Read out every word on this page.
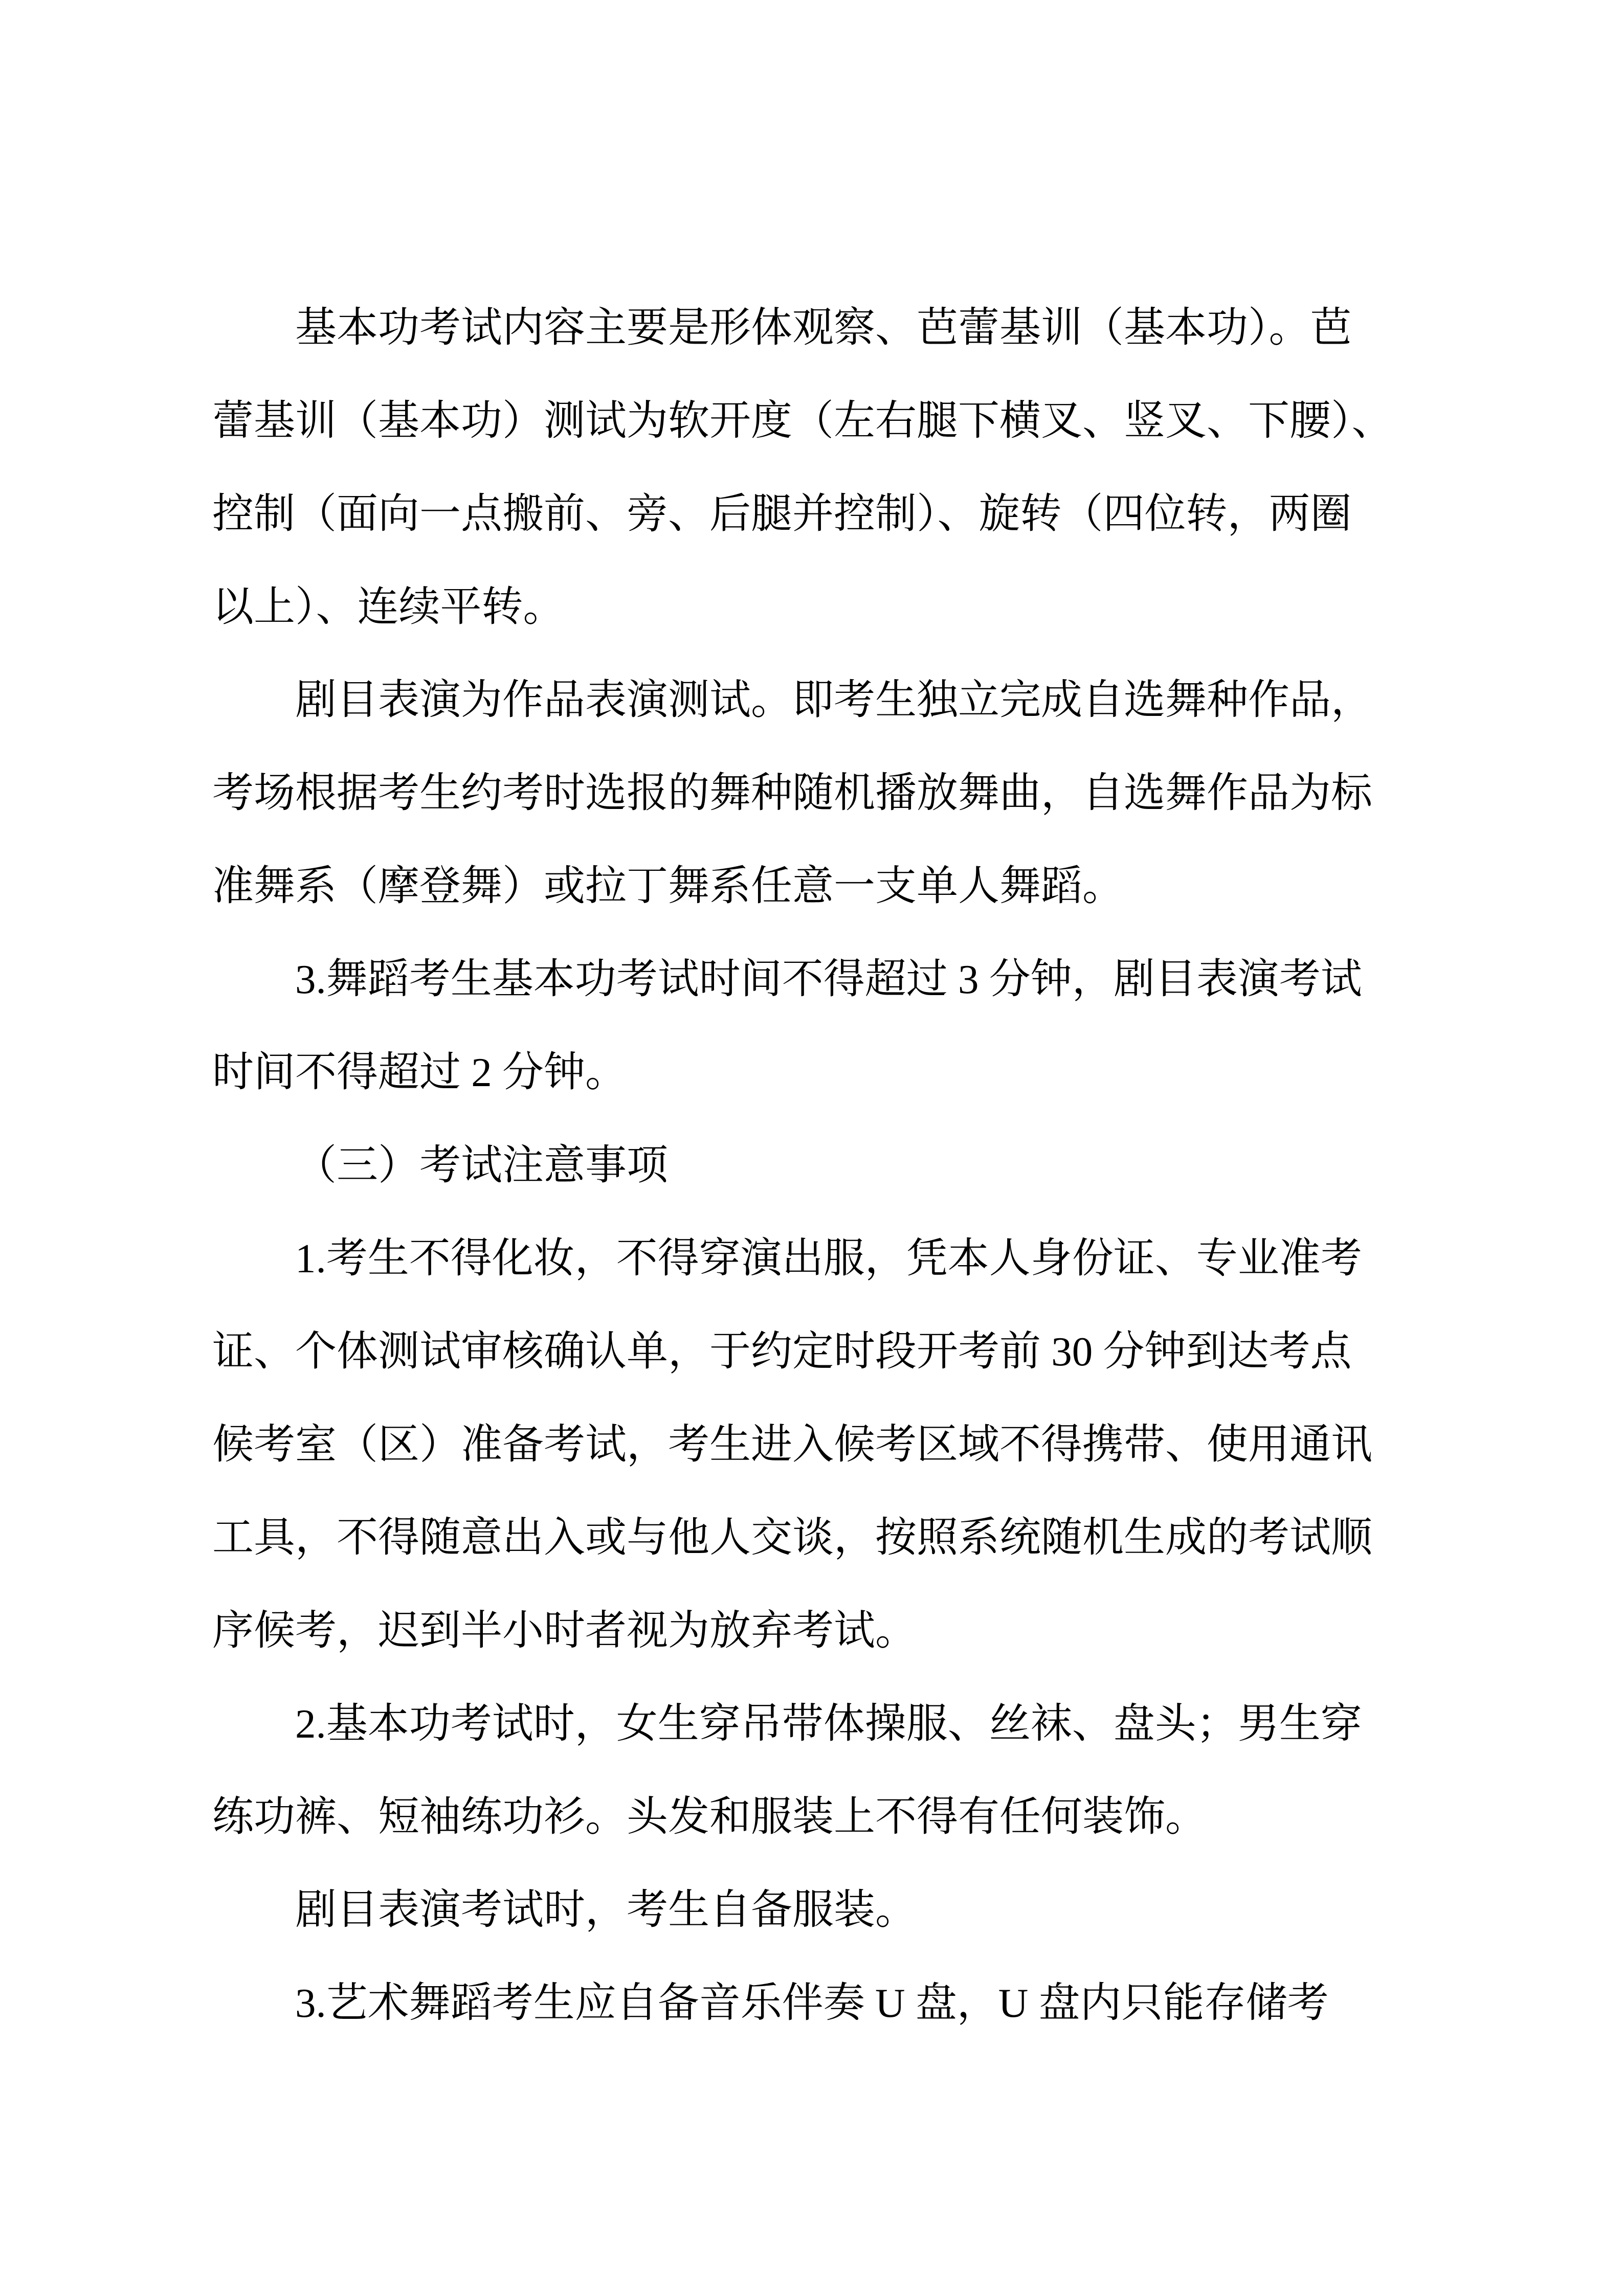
基本功考试内容主要是形体观察、芭蕾基训（基本功）。芭
蕾基训（基本功）测试为软开度（左右腿下横叉、竖叉、下腰）、
控制（面向一点搬前、旁、后腿并控制）、旋转（四位转，两圈
以上）、连续平转。
剧目表演为作品表演测试。即考生独立完成自选舞种作品，
考场根据考生约考时选报的舞种随机播放舞曲，自选舞作品为标
准舞系（摩登舞）或拉丁舞系任意一支单人舞蹈。
3.舞蹈考生基本功考试时间不得超过 3 分钟，剧目表演考试
时间不得超过 2 分钟。
（三）考试注意事项
1.考生不得化妆，不得穿演出服，凭本人身份证、专业准考
证、个体测试审核确认单，于约定时段开考前 30 分钟到达考点
候考室（区）准备考试，考生进入候考区域不得携带、使用通讯
工具，不得随意出入或与他人交谈，按照系统随机生成的考试顺
序候考，迟到半小时者视为放弃考试。
2.基本功考试时，女生穿吊带体操服、丝袜、盘头；男生穿
练功裤、短袖练功衫。头发和服装上不得有任何装饰。
剧目表演考试时，考生自备服装。
3.艺术舞蹈考生应自备音乐伴奏 U 盘，U 盘内只能存储考
